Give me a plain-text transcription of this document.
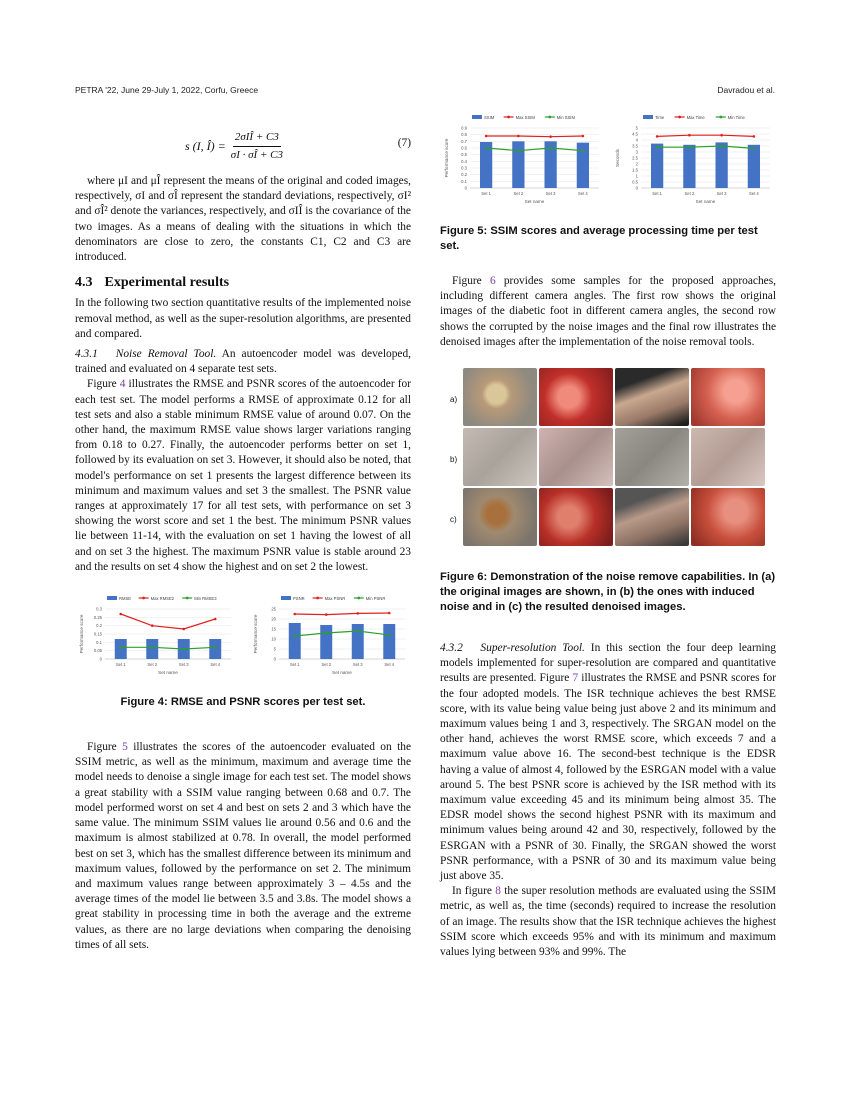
PETRA '22, June 29-July 1, 2022, Corfu, Greece	Davradou et al.
s (I, Î) = $\frac{\text{2σIÎ + C3}}{\sigma I \cdot \sigma Î + C3}$	(7)

where μI and μÎ represent the means of the original and coded images, respectively, σI and σÎ represent the standard deviations, respectively, σI² and σÎ² denote the variances, respectively, and σIÎ is the covariance of the two images. As a means of dealing with the situations in which the denominators are close to zero, the constants C1, C2 and C3 are introduced.

4.3 Experimental results

In the following two section quantitative results of the implemented noise removal method, as well as the super-resolution algorithms, are presented and compared.

4.3.1 Noise Removal Tool. An autoencoder model was developed, trained and evaluated on 4 separate test sets.

Figure 4 illustrates the RMSE and PSNR scores of the autoencoder for each test set. The model performs a RMSE of approximate 0.12 for all test sets and also a stable minimum RMSE value of around 0.07. On the other hand, the maximum RMSE value shows larger variations ranging from 0.18 to 0.27. Finally, the autoencoder performs better on set 1, followed by its evaluation on set 3. However, it should also be noted, that model's performance on set 1 presents the largest difference between its minimum and maximum values and set 3 the smallest. The PSNR value ranges at approximately 17 for all test sets, with performance on set 3 showing the worst score and set 1 the best. The minimum PSNR values lie between 11-14, with the evaluation on set 1 having the lowest of all and on set 3 the highest. The maximum PSNR value is stable around 23 and the results on set 4 show the highest and on set 2 the lowest.

RMSE	Max RMSE2	Min RMSE3
0
0.05
0.1
0.15
0.2
0.25
0.3
Set 1	Set 2	Set 3	Set 4
Set name
Performance score
PSNR	Max PSNR	Min PSNR
0
5
10
15
20
25
Set 1	Set 2	Set 3	Set 4
Set name
Performance score

Figure 4: RMSE and PSNR scores per test set.

Figure 5 illustrates the scores of the autoencoder evaluated on the SSIM metric, as well as the minimum, maximum and average time the model needs to denoise a single image for each test set. The model shows a great stability with a SSIM value ranging between 0.68 and 0.7. The model performed worst on set 4 and best on sets 2 and 3 which have the same value. The minimum SSIM values lie around 0.56 and 0.6 and the maximum is almost stabilized at 0.78. In overall, the model performed best on set 3, which has the smallest difference between its minimum and maximum values, followed by the performance on set 2. The minimum and maximum values range between approximately 3 – 4.5s and the average times of the model lie between 3.5 and 3.8s. The model shows a great stability in processing time in both the average and the extreme values, as there are no large deviations when comparing the denoising times of all sets.

SSIM	Max SSIM	Min SSIM
0
0.1
0.2
0.3
0.4
0.5
0.6
0.7
0.8
0.9
Set 1	Set 2	Set 3	Set 4
Set name
Performance score
Time	Max Time	Min Time
0
0.5
1
1.5
2
2.5
3
3.5
4
4.5
5
Set 1	Set 2	Set 3	Set 4
Set name
Seconds

Figure 5: SSIM scores and average processing time per test set.

Figure 6 provides some samples for the proposed approaches, including different camera angles. The first row shows the original images of the diabetic foot in different camera angles, the second row shows the corrupted by the noise images and the final row illustrates the denoised images after the implementation of the noise removal tools.

a)
b)
c)

Figure 6: Demonstration of the noise remove capabilities. In (a) the original images are shown, in (b) the ones with induced noise and in (c) the resulted denoised images.

4.3.2 Super-resolution Tool. In this section the four deep learning models implemented for super-resolution are compared and quantitative results are presented. Figure 7 illustrates the RMSE and PSNR scores for the four adopted models. The ISR technique achieves the best RMSE score, with its value being value being just above 2 and its minimum and maximum values being 1 and 3, respectively. The SRGAN model on the other hand, achieves the worst RMSE score, which exceeds 7 and a maximum value above 16. The second-best technique is the EDSR having a value of almost 4, followed by the ESRGAN model with a value around 5. The best PSNR score is achieved by the ISR method with its maximum value exceeding 45 and its minimum being almost 35. The EDSR model shows the second highest PSNR with its maximum and minimum values being around 42 and 30, respectively, followed by the ESRGAN with a PSNR of 30. Finally, the SRGAN showed the worst PSNR performance, with a PSNR of 30 and its maximum value being just above 35.

In figure 8 the super resolution methods are evaluated using the SSIM metric, as well as, the time (seconds) required to increase the resolution of an image. The results show that the ISR technique achieves the highest SSIM score which exceeds 95% and with its minimum and maximum values lying between 93% and 99%. The
